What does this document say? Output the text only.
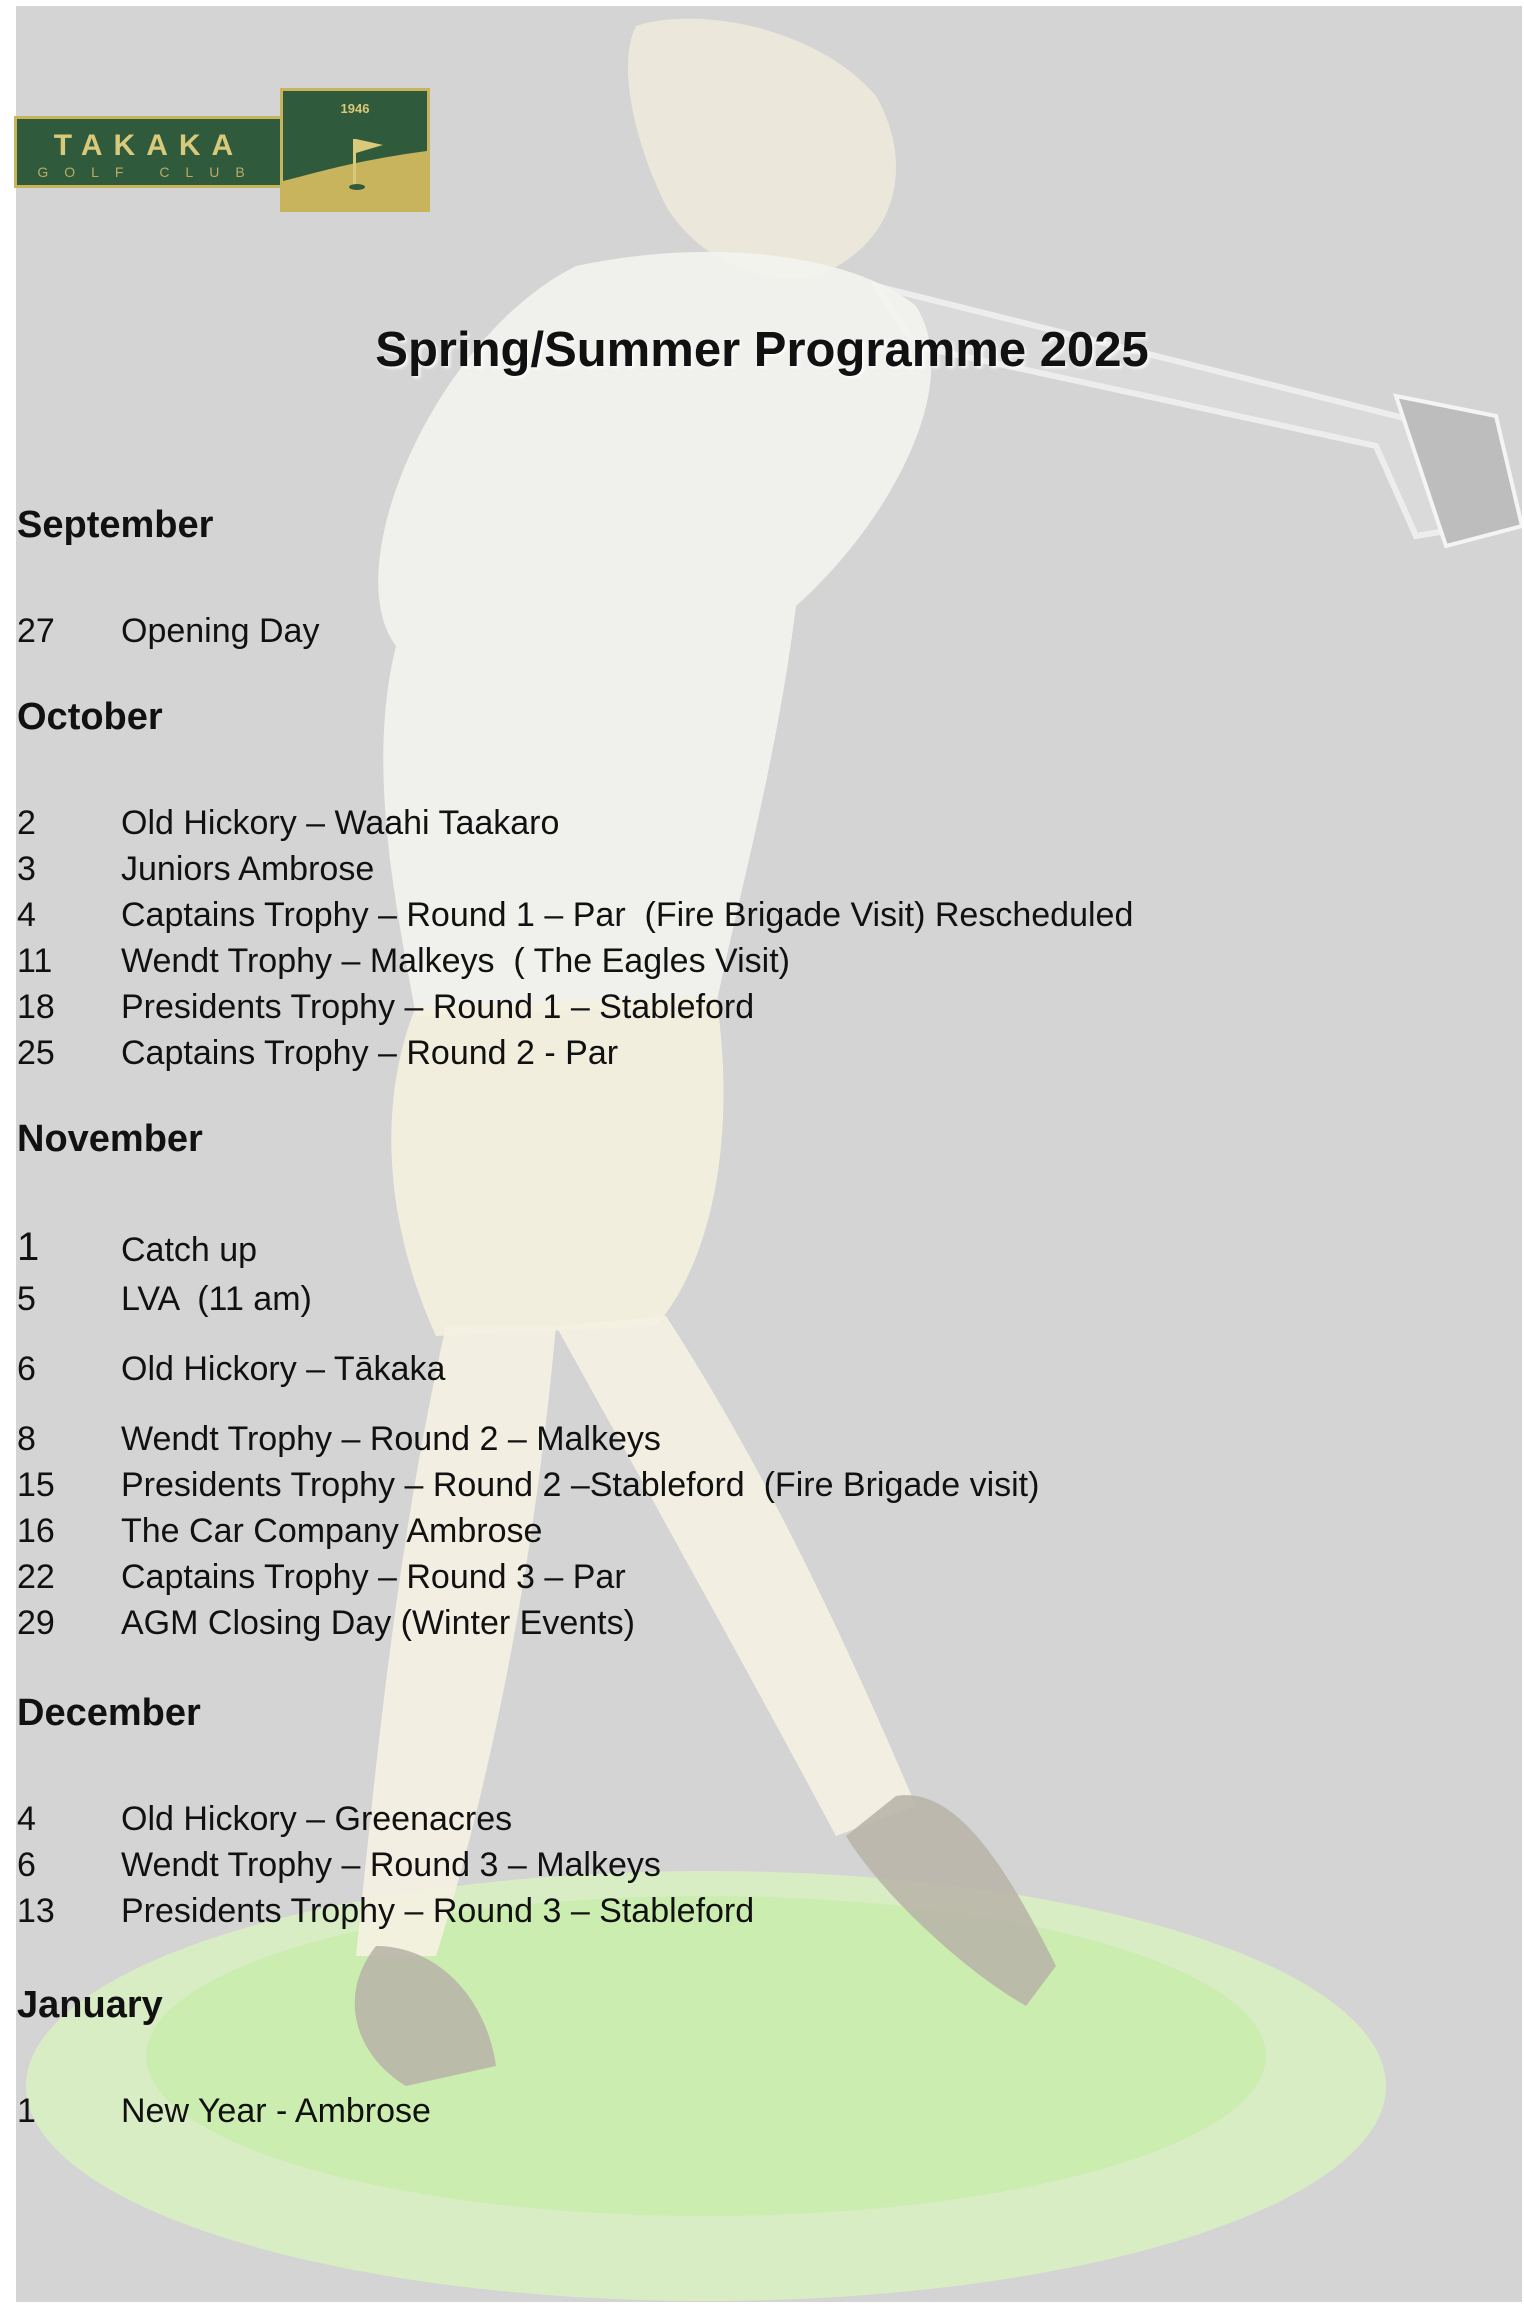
TAKAKA
GOLF CLUB
1946
Spring/Summer Programme 2025
September
27 Opening Day
October
2	Old Hickory – Waahi Taakaro
3	Juniors Ambrose
4	Captains Trophy – Round 1 – Par  (Fire Brigade Visit) Rescheduled
11 Wendt Trophy – Malkeys  ( The Eagles Visit)
18 Presidents Trophy – Round 1 – Stableford
25 Captains Trophy – Round 2 - Par
November
1 Catch up
5	LVA  (11 am)
6	Old Hickory – Tākaka
8	Wendt Trophy – Round 2 – Malkeys
15 Presidents Trophy – Round 2 –Stableford  (Fire Brigade visit)
16 The Car Company Ambrose
22 Captains Trophy – Round 3 – Par
29 AGM Closing Day (Winter Events)
December
4	Old Hickory – Greenacres
6	Wendt Trophy – Round 3 – Malkeys
13 Presidents Trophy – Round 3 – Stableford
January
1	New Year - Ambrose
